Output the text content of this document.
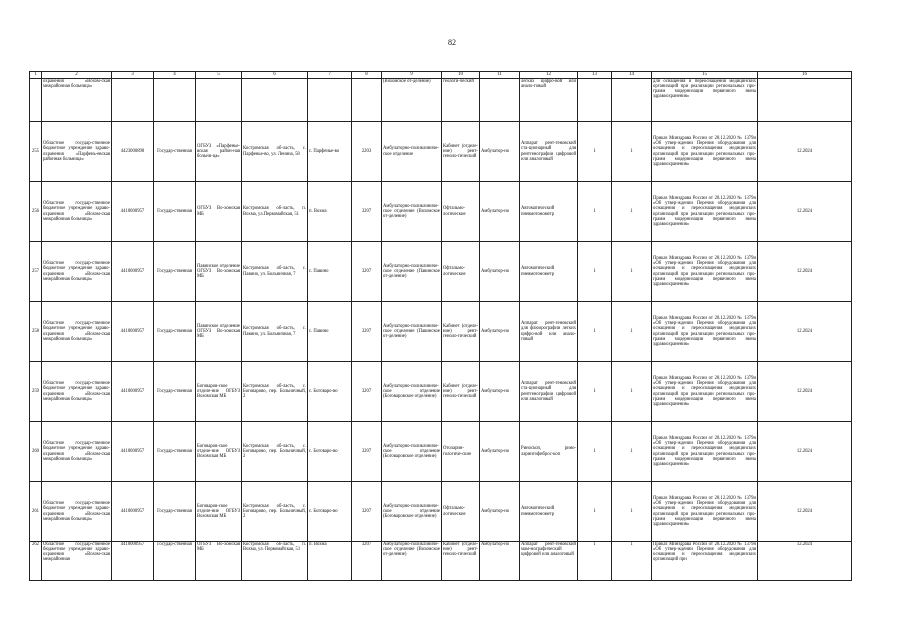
82
1	2	3	4	5	6	7	8	9	10	11	12	13	14	15	16
	охранения «Вохом-ская межрайонная больница»							(Вохомское от-деление)	геологи-ческий		легких цифро-вой или анало-говый			для оснащения и переоснащения медицинских организаций при реализации региональных про-грамм модернизации первичного звена здравоохранения»	
255	Областное государ-ственное бюджетное учреждение здраво-охранения «Парфень-евская районная больница»	4423000898	Государ-ственная	ОГБУЗ «Парфенье-вская район-ная больни-ца»	Костромская об-ласть, с. Парфенье-во, ул. Ленина, 58	с. Парфенье-во	2203	Амбулаторно-поликлиниче-ское отделение	Кабинет (отделе-ние) рент-геноло-гический	Амбулатор-но	Аппарат рент-геновский ста-ционарный для рентгенографии цифровой или аналоговый	1	1	Приказ Минздрава России от 28.12.2020 № 1379н «Об утвер-ждении Перечня оборудования для оснащения и переоснащения медицинских организаций при реализации региональных про-грамм модернизации первичного звена здравоохранения»	12.2024
256	Областное государ-ственное бюджетное учреждение здраво-охранения «Вохом-ская межрайонная больница»	4410000957	Государ-ственная	ОГБУЗ Во-хомская МБ	Костромская об-ласть, п. Вохма, ул.Первомайская, 51	п. Вохма	3207	Амбулаторно-поликлиниче-ское отделение (Вохомское от-деление)	Офтальмо-логические	Амбулатор-но	Автоматический пневмотонометр	1	1	Приказ Минздрава России от 28.12.2020 № 1379н «Об утвер-ждении Перечня оборудования для оснащения и переоснащения медицинских организаций при реализации региональных про-грамм модернизации первичного звена здравоохранения»	12.2024
257	Областное государ-ственное бюджетное учреждение здраво-охранения «Вохом-ская межрайонная больница»	4410000957	Государ-ственная	Павинское отделение ОГБУЗ Во-хомская МБ	Костромская об-ласть, с. Павино, ул. Больничная, 7	с. Павино	3207	Амбулаторно-поликлиниче-ское отделение (Павинское от-деление)	Офтальмо-логические	Амбулатор-но	Автоматический пневмотонометр	1	1	Приказ Минздрава России от 28.12.2020 № 1379н «Об утвер-ждении Перечня оборудования для оснащения и переоснащения медицинских организаций при реализации региональных про-грамм модернизации первичного звена здравоохранения»	12.2024
258	Областное государ-ственное бюджетное учреждение здраво-охранения «Вохом-ская межрайонная больница»	4410000957	Государ-ственная	Павинское отделение ОГБУЗ Во-хомская МБ	Костромская об-ласть, с. Павино, ул. Больничная, 7	с. Павино	3207	Амбулаторно-поликлиниче-ское отделение (Павинское от-деление)	Кабинет (отделе-ние) рент-геноло-гический	Амбулатор-но	Аппарат рент-геновский для флюорографии легких цифро-вой или анало-говый	1	1	Приказ Минздрава России от 28.12.2020 № 1379н «Об утвер-ждении Перечня оборудования для оснащения и переоснащения медицинских организаций при реализации региональных про-грамм модернизации первичного звена здравоохранения»	12.2024
259	Областное государ-ственное бюджетное учреждение здраво-охранения «Вохом-ская межрайонная больница»	4410000957	Государ-ственная	Боговаров-ское отделе-ние ОГБУЗ Вохомская МБ	Костромская об-ласть, с. Боговарово, пер. Больничный, 2	с. Боговаро-во	3207	Амбулаторно-поликлиниче-ское отделение (Боговаровское отделение)	Кабинет (отделе-ние) рент-геноло-гический	Амбулатор-но	Аппарат рент-геновский ста-ционарный для рентгенографии цифровой или аналоговый	1	1	Приказ Минздрава России от 28.12.2020 № 1379н «Об утвер-ждении Перечня оборудования для оснащения и переоснащения медицинских организаций при реализации региональных про-грамм модернизации первичного звена здравоохранения»	12.2024
260	Областное государ-ственное бюджетное учреждение здраво-охранения «Вохом-ская межрайонная больница»	4410000957	Государ-ственная	Боговаров-ское отделе-ние ОГБУЗ Вохомская МБ	Костромская об-ласть, с. Боговарово, пер. Больничный, 2	с. Боговаро-во	3207	Амбулаторно-поликлиниче-ское отделение (Боговаровское отделение)	Отоларин-гологиче-ские	Амбулатор-но	Риноскоп, рино-ларингофиброс-коп	1	1	Приказ Минздрава России от 28.12.2020 № 1379н «Об утвер-ждении Перечня оборудования для оснащения и переоснащения медицинских организаций при реализации региональных про-грамм модернизации первичного звена здравоохранения»	12.2024
261	Областное государ-ственное бюджетное учреждение здраво-охранения «Вохом-ская межрайонная больница»	4410000957	Государ-ственная	Боговаров-ское отделе-ние ОГБУЗ Вохомская МБ	Костромская об-ласть, с. Боговарово, пер. Больничный, 2	с. Боговаро-во	3207	Амбулаторно-поликлиниче-ское отделение (Боговаровское отделение)	Офтальмо-логические	Амбулатор-но	Автоматический пневмотонометр	1	1	Приказ Минздрава России от 28.12.2020 № 1379н «Об утвер-ждении Перечня оборудования для оснащения и переоснащения медицинских организаций при реализации региональных про-грамм модернизации первичного звена здравоохранения»	12.2024
262	Областное государ-ственное бюджетное учреждение здраво-охранения «Вохом-ская межрайонная	4410000957	Государ-ственная	ОГБУЗ Во-хомская МБ	Костромская об-ласть, п. Вохма, ул. Первомайская, 51	п. Вохма	3207	Амбулаторно-поликлиниче-ское отделение (Вохомское от-деление)	Кабинет (отделе-ние) рент-геноло-гический	Амбулатор-но	Аппарат рент-геновский мам-мографический цифровой или аналоговый	1	1	Приказ Минздрава России от 28.12.2020 № 1379н «Об утвер-ждении Перечня оборудования для оснащения и переоснащения медицинских организаций при	12.2024
